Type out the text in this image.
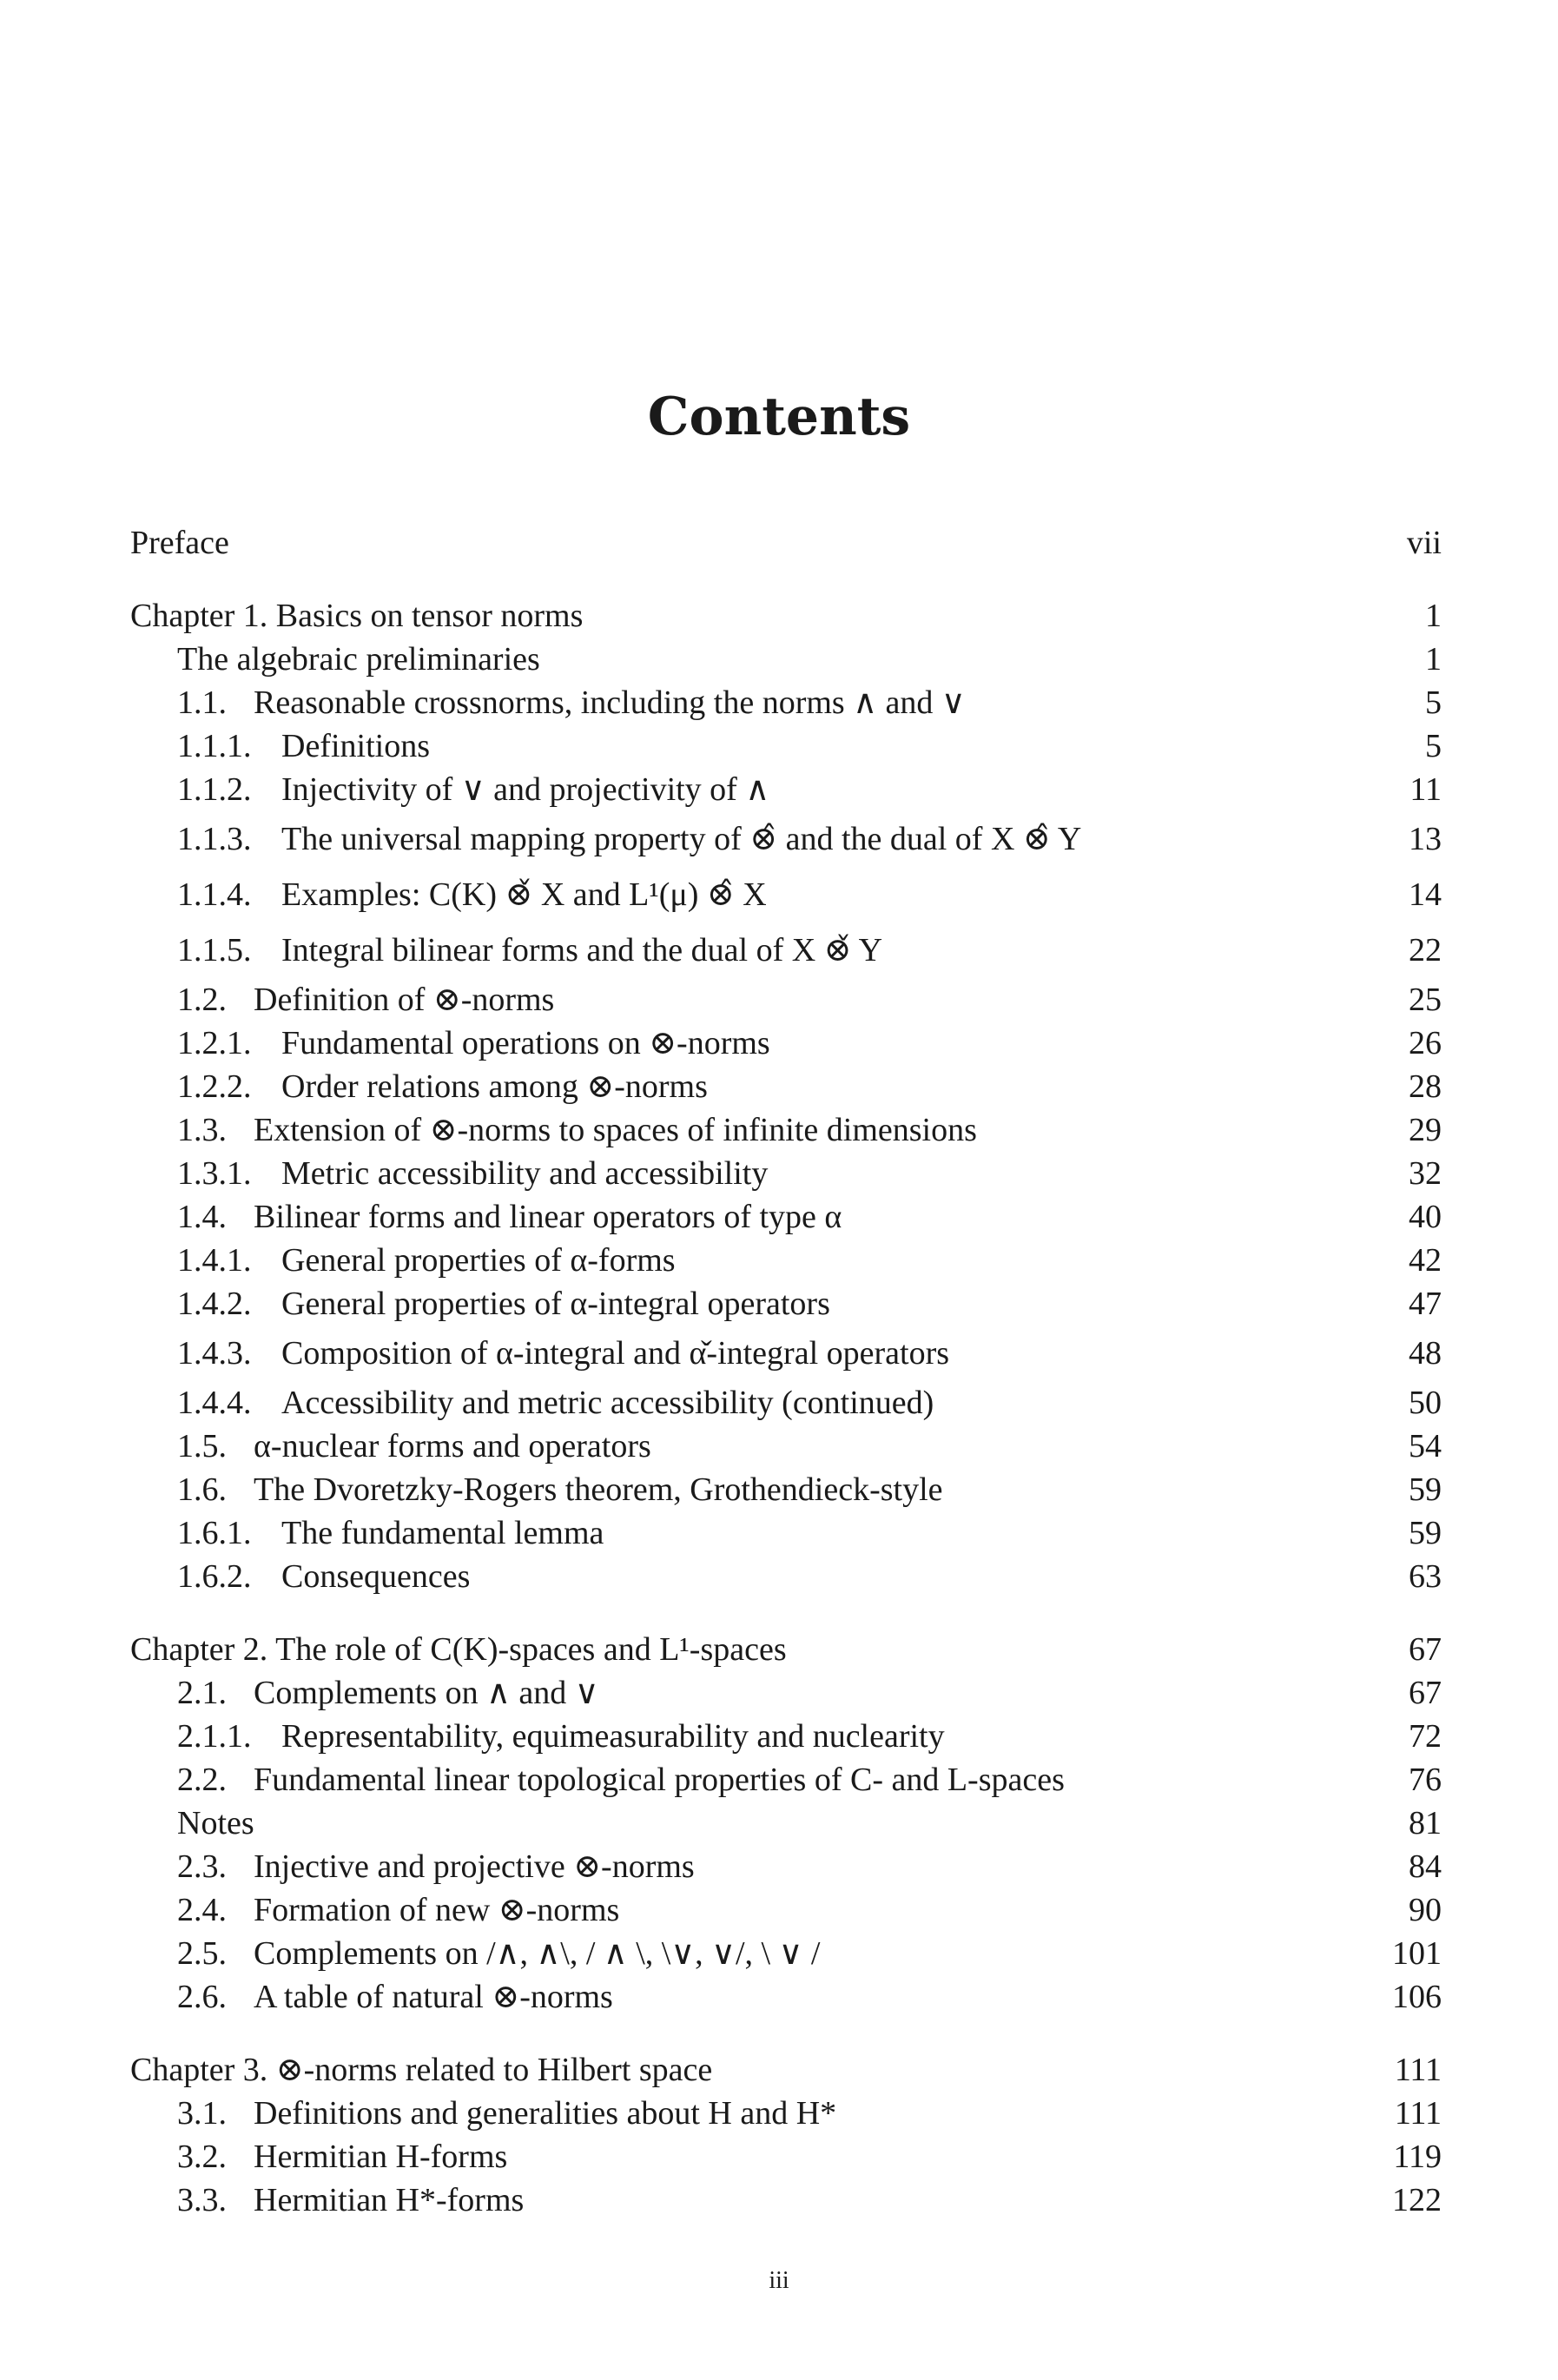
Contents
Preface	vii
Chapter 1. Basics on tensor norms	1
The algebraic preliminaries	1
1.1. Reasonable crossnorms, including the norms ∧ and ∨	5
1.1.1. Definitions	5
1.1.2. Injectivity of ∨ and projectivity of ∧	11
1.1.3. The universal mapping property of ⊗̂ and the dual of X ⊗̂ Y	13
1.1.4. Examples: C(K) ⊗̌ X and L¹(μ) ⊗̂ X	14
1.1.5. Integral bilinear forms and the dual of X ⊗̌ Y	22
1.2. Definition of ⊗-norms	25
1.2.1. Fundamental operations on ⊗-norms	26
1.2.2. Order relations among ⊗-norms	28
1.3. Extension of ⊗-norms to spaces of infinite dimensions	29
1.3.1. Metric accessibility and accessibility	32
1.4. Bilinear forms and linear operators of type α	40
1.4.1. General properties of α-forms	42
1.4.2. General properties of α-integral operators	47
1.4.3. Composition of α-integral and α̌-integral operators	48
1.4.4. Accessibility and metric accessibility (continued)	50
1.5. α-nuclear forms and operators	54
1.6. The Dvoretzky-Rogers theorem, Grothendieck-style	59
1.6.1. The fundamental lemma	59
1.6.2. Consequences	63
Chapter 2. The role of C(K)-spaces and L¹-spaces	67
2.1. Complements on ∧ and ∨	67
2.1.1. Representability, equimeasurability and nuclearity	72
2.2. Fundamental linear topological properties of C- and L-spaces	76
Notes	81
2.3. Injective and projective ⊗-norms	84
2.4. Formation of new ⊗-norms	90
2.5. Complements on /∧, ∧\, / ∧ \, \∨, ∨/, \ ∨ /	101
2.6. A table of natural ⊗-norms	106
Chapter 3. ⊗-norms related to Hilbert space	111
3.1. Definitions and generalities about H and H*	111
3.2. Hermitian H-forms	119
3.3. Hermitian H*-forms	122
iii
